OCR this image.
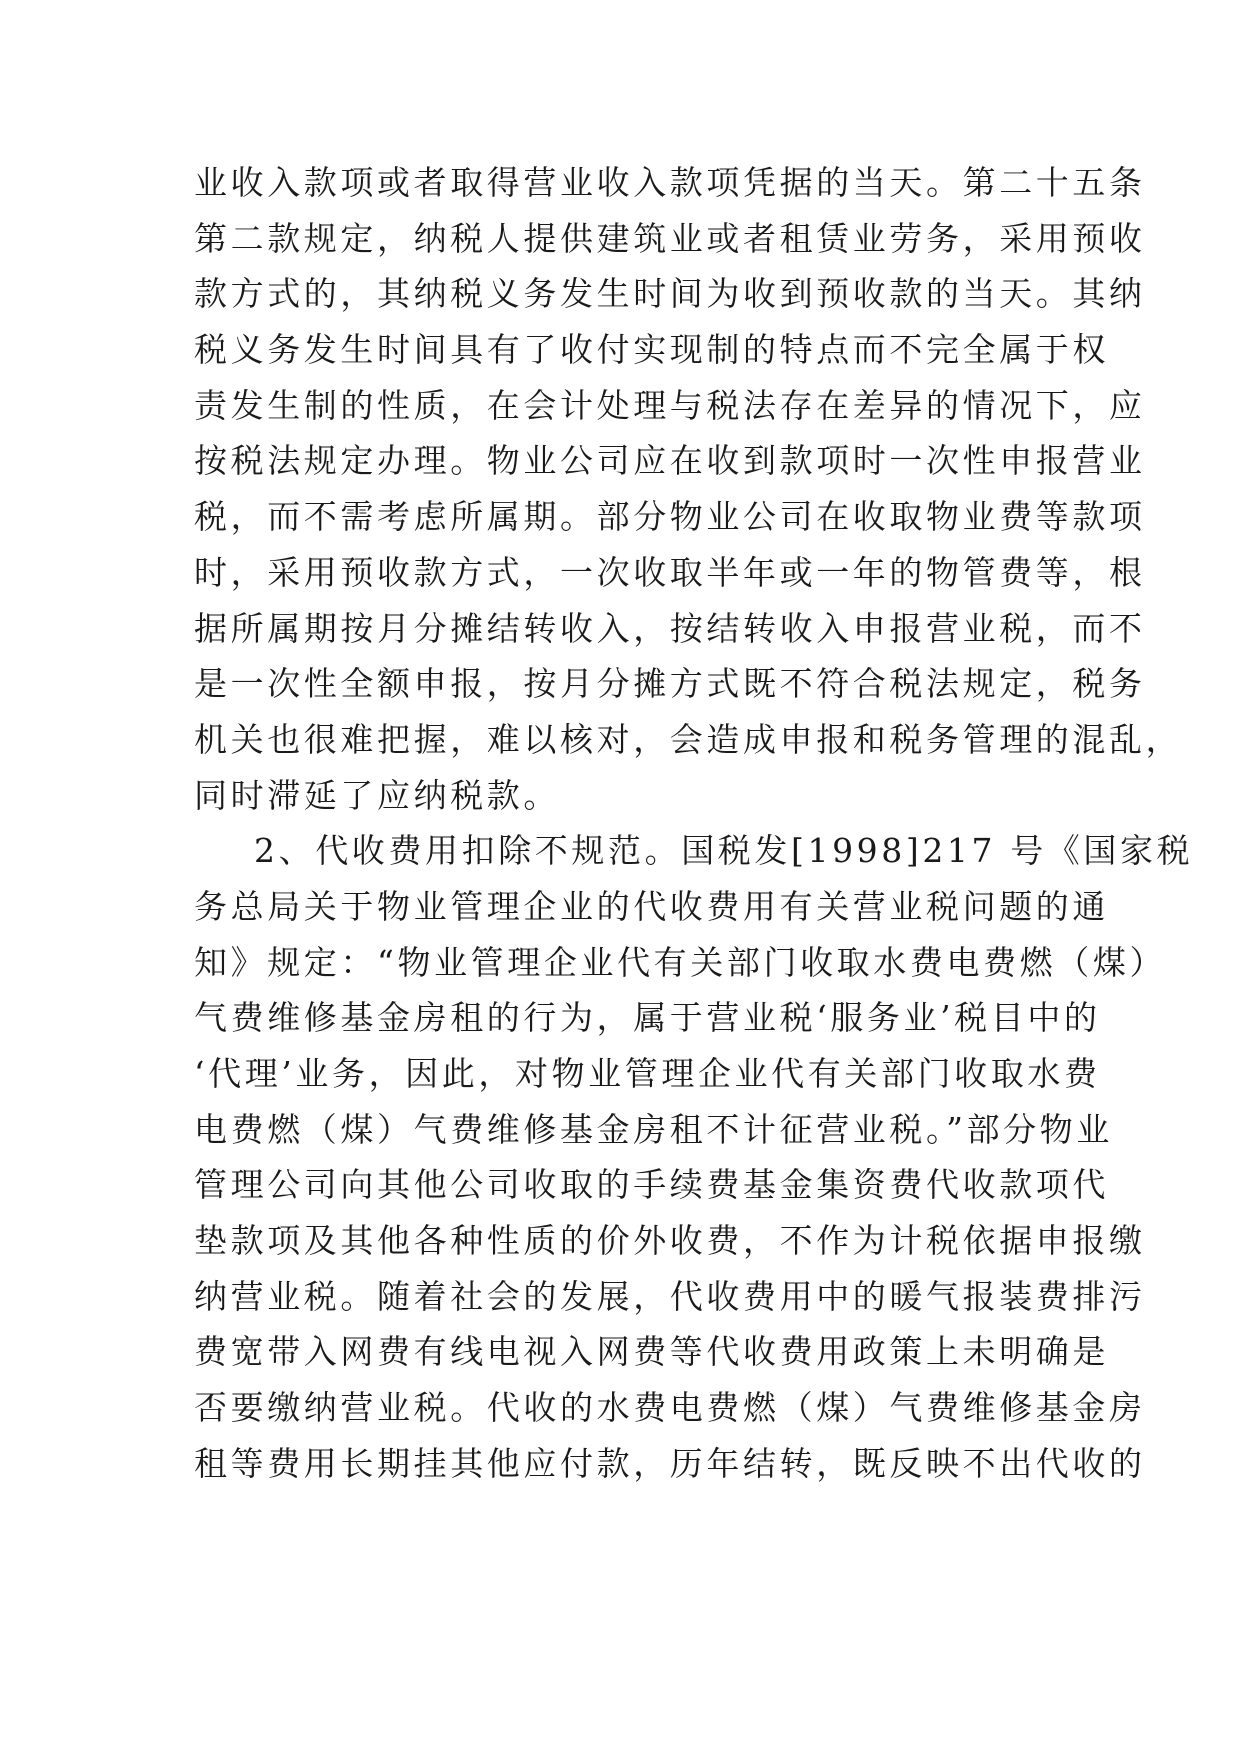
业收入款项或者取得营业收入款项凭据的当天。第二十五条
第二款规定，纳税人提供建筑业或者租赁业劳务，采用预收
款方式的，其纳税义务发生时间为收到预收款的当天。其纳
税义务发生时间具有了收付实现制的特点而不完全属于权
责发生制的性质，在会计处理与税法存在差异的情况下，应
按税法规定办理。物业公司应在收到款项时一次性申报营业
税，而不需考虑所属期。部分物业公司在收取物业费等款项
时，采用预收款方式，一次收取半年或一年的物管费等，根
据所属期按月分摊结转收入，按结转收入申报营业税，而不
是一次性全额申报，按月分摊方式既不符合税法规定，税务
机关也很难把握，难以核对，会造成申报和税务管理的混乱，
同时滞延了应纳税款。
2、代收费用扣除不规范。国税发[1998]217 号《国家税
务总局关于物业管理企业的代收费用有关营业税问题的通
知》规定：“物业管理企业代有关部门收取水费电费燃（煤）
气费维修基金房租的行为，属于营业税‘服务业’税目中的
‘代理’业务，因此，对物业管理企业代有关部门收取水费
电费燃（煤）气费维修基金房租不计征营业税。”部分物业
管理公司向其他公司收取的手续费基金集资费代收款项代
垫款项及其他各种性质的价外收费，不作为计税依据申报缴
纳营业税。随着社会的发展，代收费用中的暖气报装费排污
费宽带入网费有线电视入网费等代收费用政策上未明确是
否要缴纳营业税。代收的水费电费燃（煤）气费维修基金房
租等费用长期挂其他应付款，历年结转，既反映不出代收的
